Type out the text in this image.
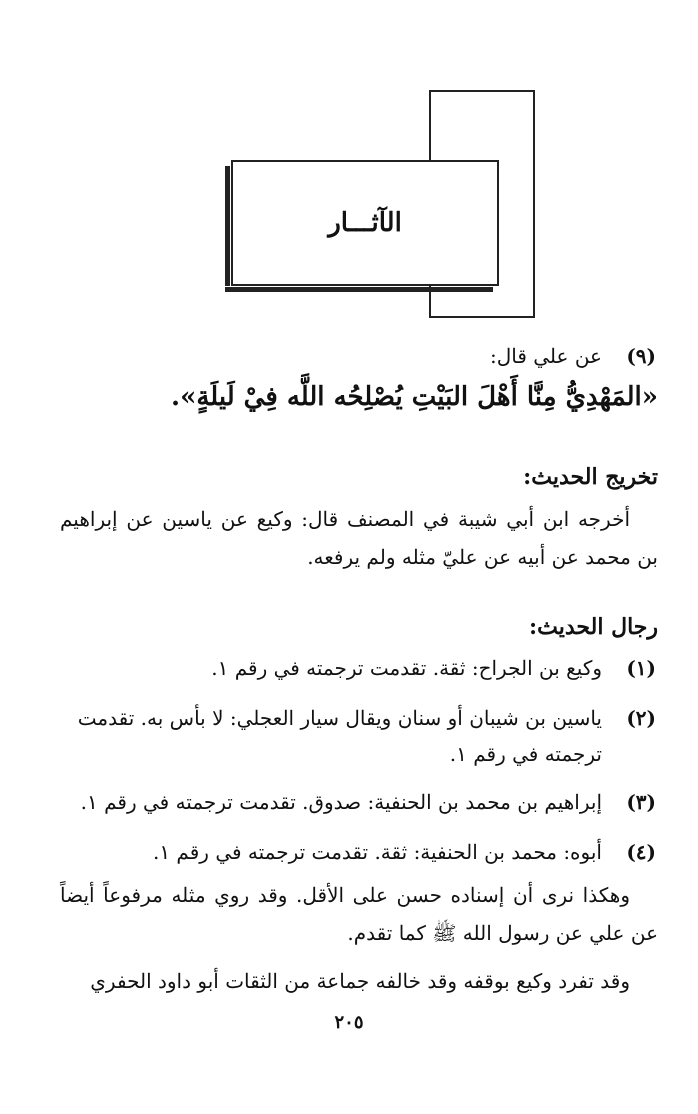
الآثـــار
(٩)
عن علي قال:
«المَهْدِيُّ مِنَّا أَهْلَ البَيْتِ يُصْلِحُه اللَّه فِيْ لَيلَةٍ».
تخريج الحديث:
أخرجه ابن أبي شيبة في المصنف قال: وكيع عن ياسين عن إبراهيم بن محمد عن أبيه عن عليّ مثله ولم يرفعه.
رجال الحديث:
(١)
وكيع بن الجراح: ثقة. تقدمت ترجمته في رقم ١.
(٢)
ياسين بن شيبان أو سنان ويقال سيار العجلي: لا بأس به. تقدمت
ترجمته في رقم ١.
(٣)
إبراهيم بن محمد بن الحنفية: صدوق. تقدمت ترجمته في رقم ١.
(٤)
أبوه: محمد بن الحنفية: ثقة. تقدمت ترجمته في رقم ١.
وهكذا نرى أن إسناده حسن على الأقل. وقد روي مثله مرفوعاً أيضاً عن علي عن رسول الله ﷺ كما تقدم.
وقد تفرد وكيع بوقفه وقد خالفه جماعة من الثقات أبو داود الحفري
٢٠٥
